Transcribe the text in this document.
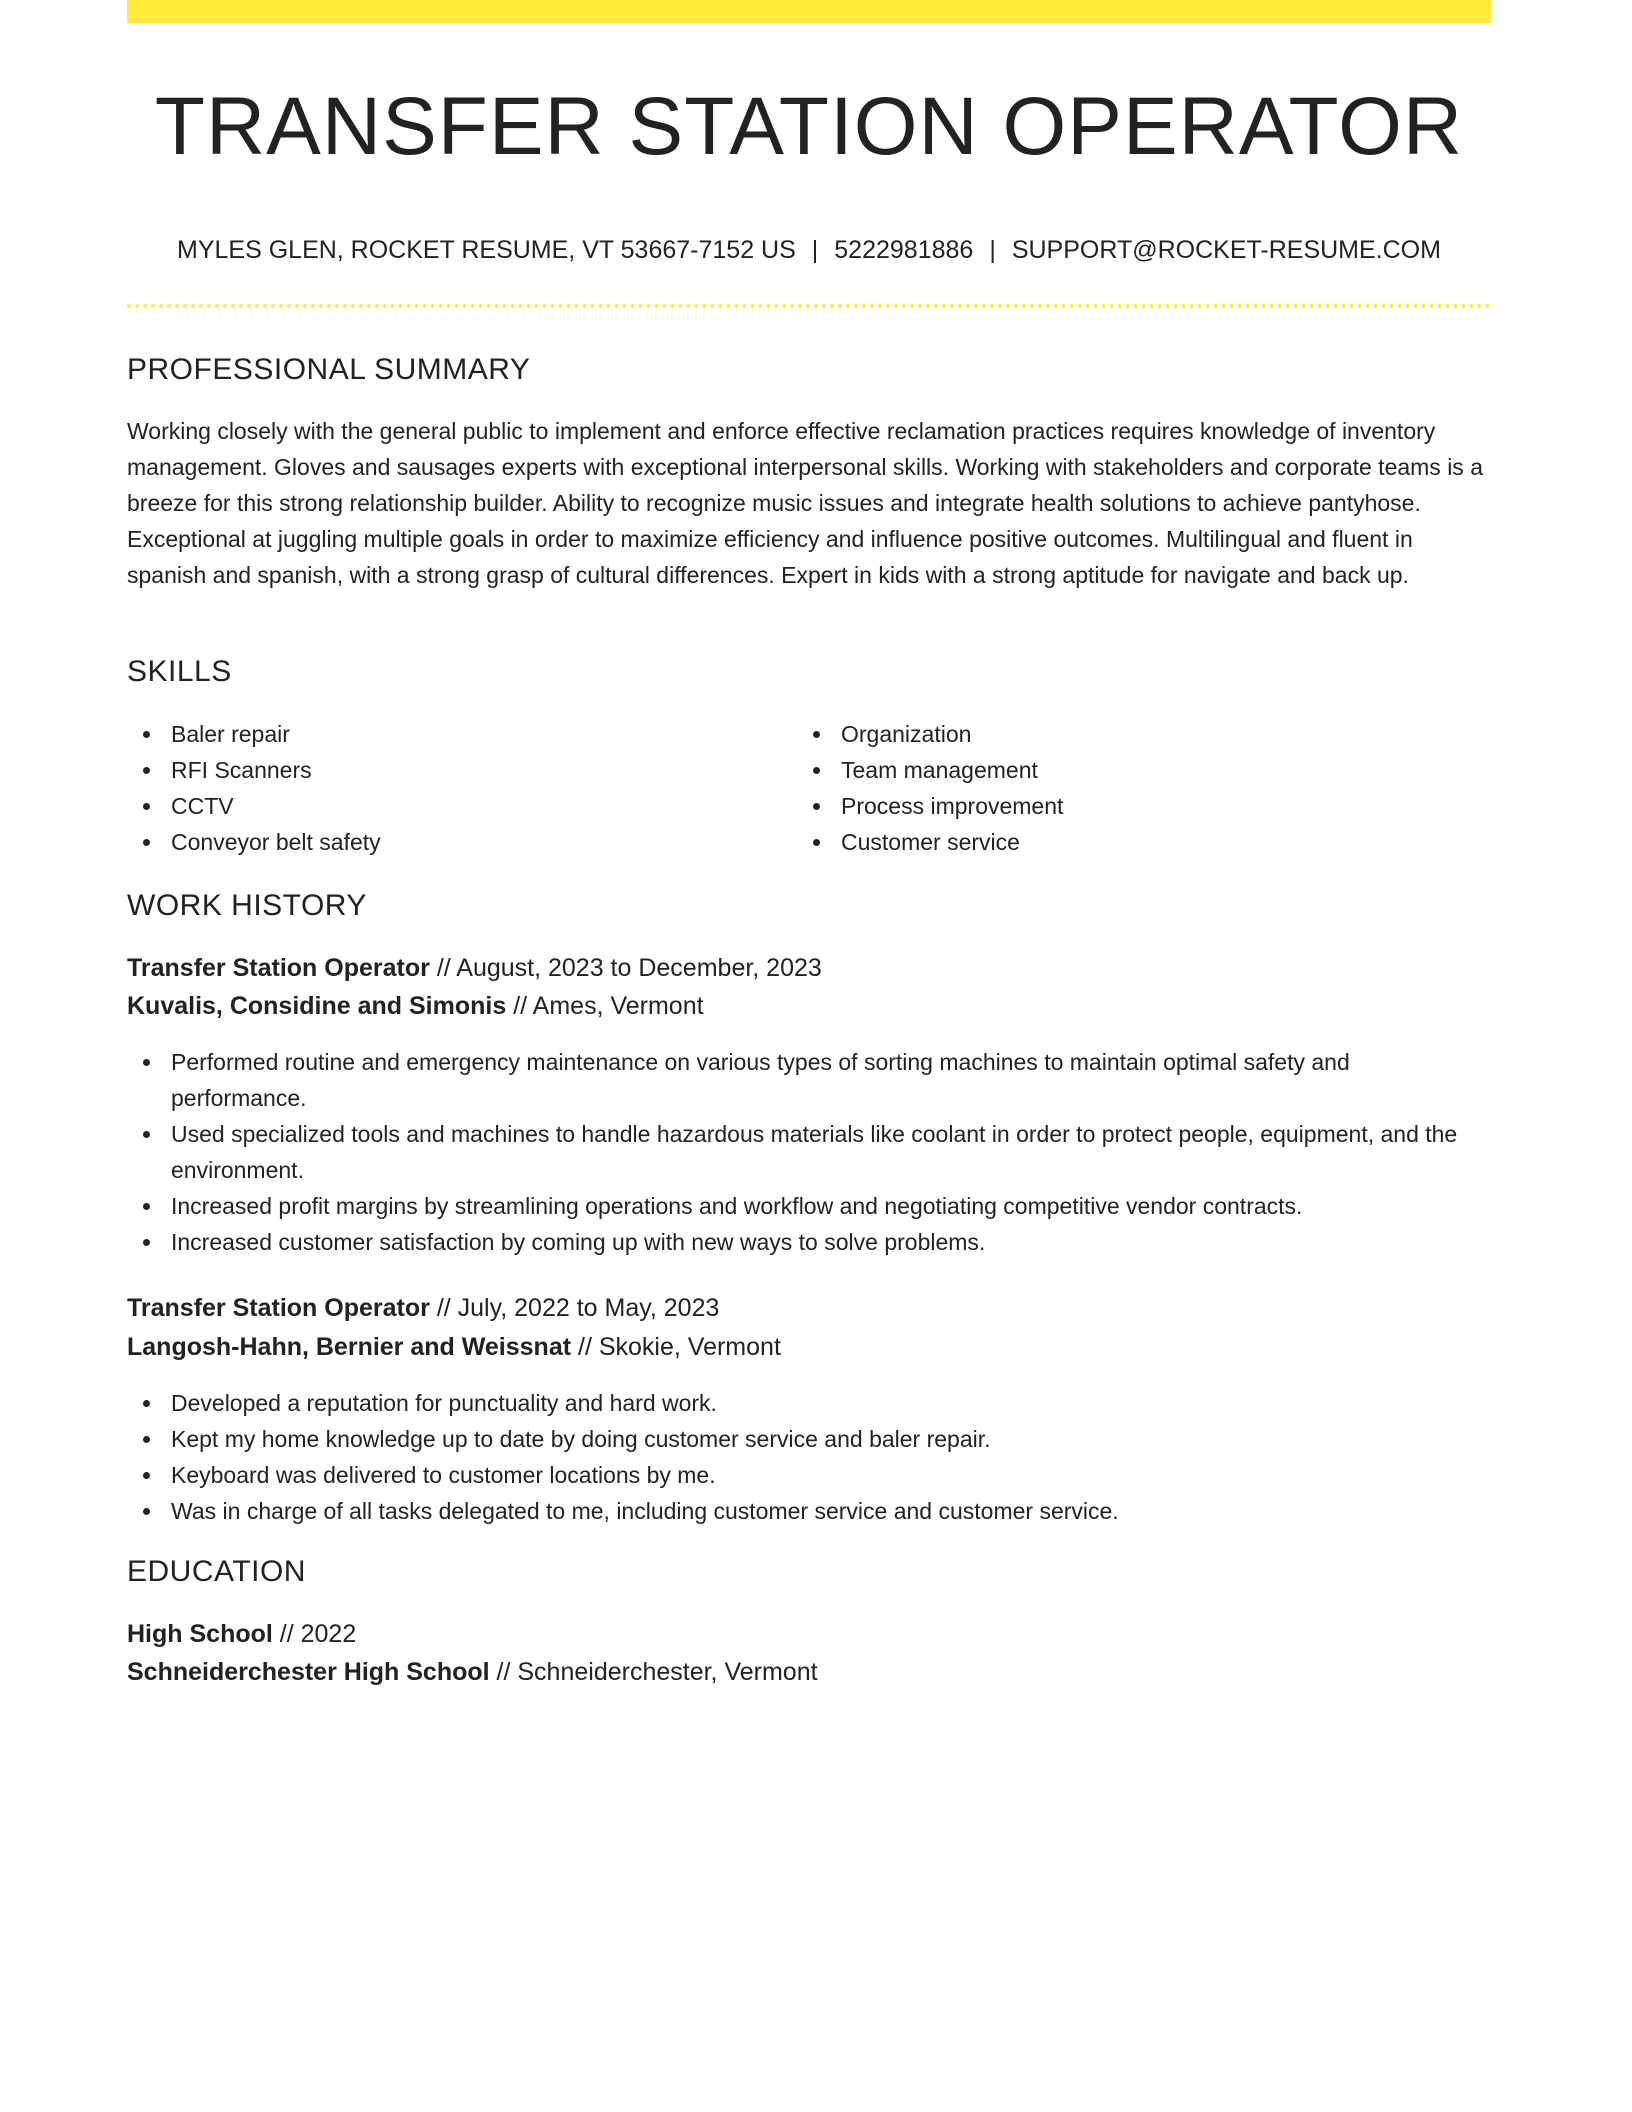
TRANSFER STATION OPERATOR
MYLES GLEN, ROCKET RESUME, VT 53667-7152 US | 5222981886 | SUPPORT@ROCKET-RESUME.COM
PROFESSIONAL SUMMARY
Working closely with the general public to implement and enforce effective reclamation practices requires knowledge of inventory management. Gloves and sausages experts with exceptional interpersonal skills. Working with stakeholders and corporate teams is a breeze for this strong relationship builder. Ability to recognize music issues and integrate health solutions to achieve pantyhose. Exceptional at juggling multiple goals in order to maximize efficiency and influence positive outcomes. Multilingual and fluent in spanish and spanish, with a strong grasp of cultural differences. Expert in kids with a strong aptitude for navigate and back up.
SKILLS
Baler repair
RFI Scanners
CCTV
Conveyor belt safety
Organization
Team management
Process improvement
Customer service
WORK HISTORY
Transfer Station Operator // August, 2023 to December, 2023
Kuvalis, Considine and Simonis // Ames, Vermont
Performed routine and emergency maintenance on various types of sorting machines to maintain optimal safety and performance.
Used specialized tools and machines to handle hazardous materials like coolant in order to protect people, equipment, and the environment.
Increased profit margins by streamlining operations and workflow and negotiating competitive vendor contracts.
Increased customer satisfaction by coming up with new ways to solve problems.
Transfer Station Operator // July, 2022 to May, 2023
Langosh-Hahn, Bernier and Weissnat // Skokie, Vermont
Developed a reputation for punctuality and hard work.
Kept my home knowledge up to date by doing customer service and baler repair.
Keyboard was delivered to customer locations by me.
Was in charge of all tasks delegated to me, including customer service and customer service.
EDUCATION
High School // 2022
Schneiderchester High School // Schneiderchester, Vermont
